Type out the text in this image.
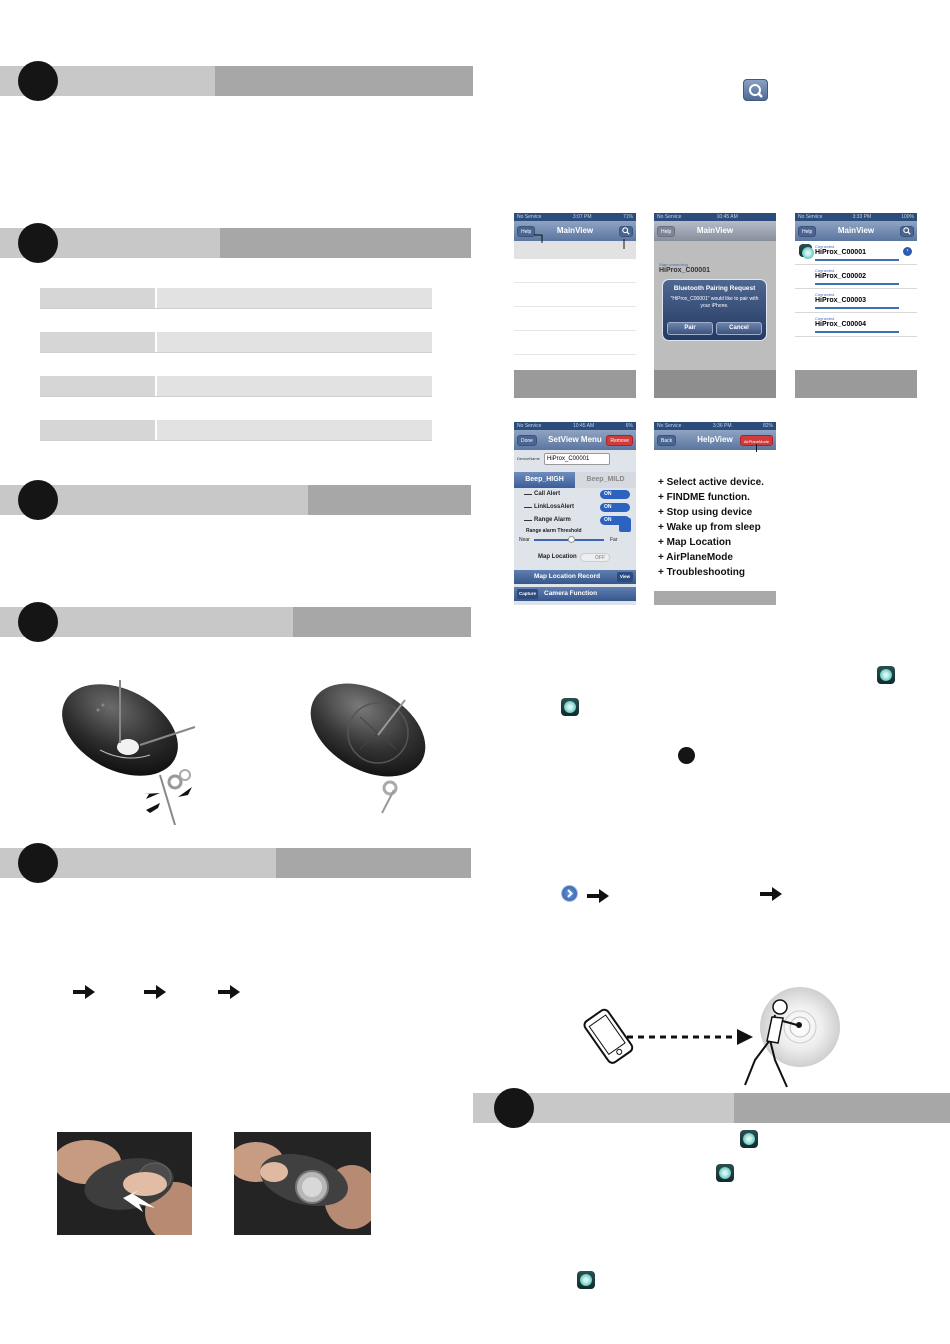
No Service	3:07 PM	71%
Help	MainView
No Service	10:45 AM
Help	MainView
Start connecting
HiProx_C00001
Bluetooth Pairing Request
"HiProx_C00001" would like to pair with your iPhone.
Pair	Cancel
No Service	3:33 PM	100%
Help	MainView
Connected
HiProx_C00001	›
Connected
HiProx_C00002
Connected
HiProx_C00003
Connected
HiProx_C00004
No Service	10:45 AM	6%
Done	SetView Menu	Remove
DeviceName	HiProx_C00001
Beep_HIGH	Beep_MILD
Call Alert	ON
LinkLossAlert	ON
Range Alarm	ON
Range alarm Threshold
Near	Far
Map Location	OFF
Map Location Record	View
Capture	Camera Function
No Service	3:36 PM	82%
Back	HelpView	AirPlaneMode
+ Select active device.
+ FINDME function.
+ Stop using device
+ Wake up from sleep
+ Map Location
+ AirPlaneMode
+ Troubleshooting
